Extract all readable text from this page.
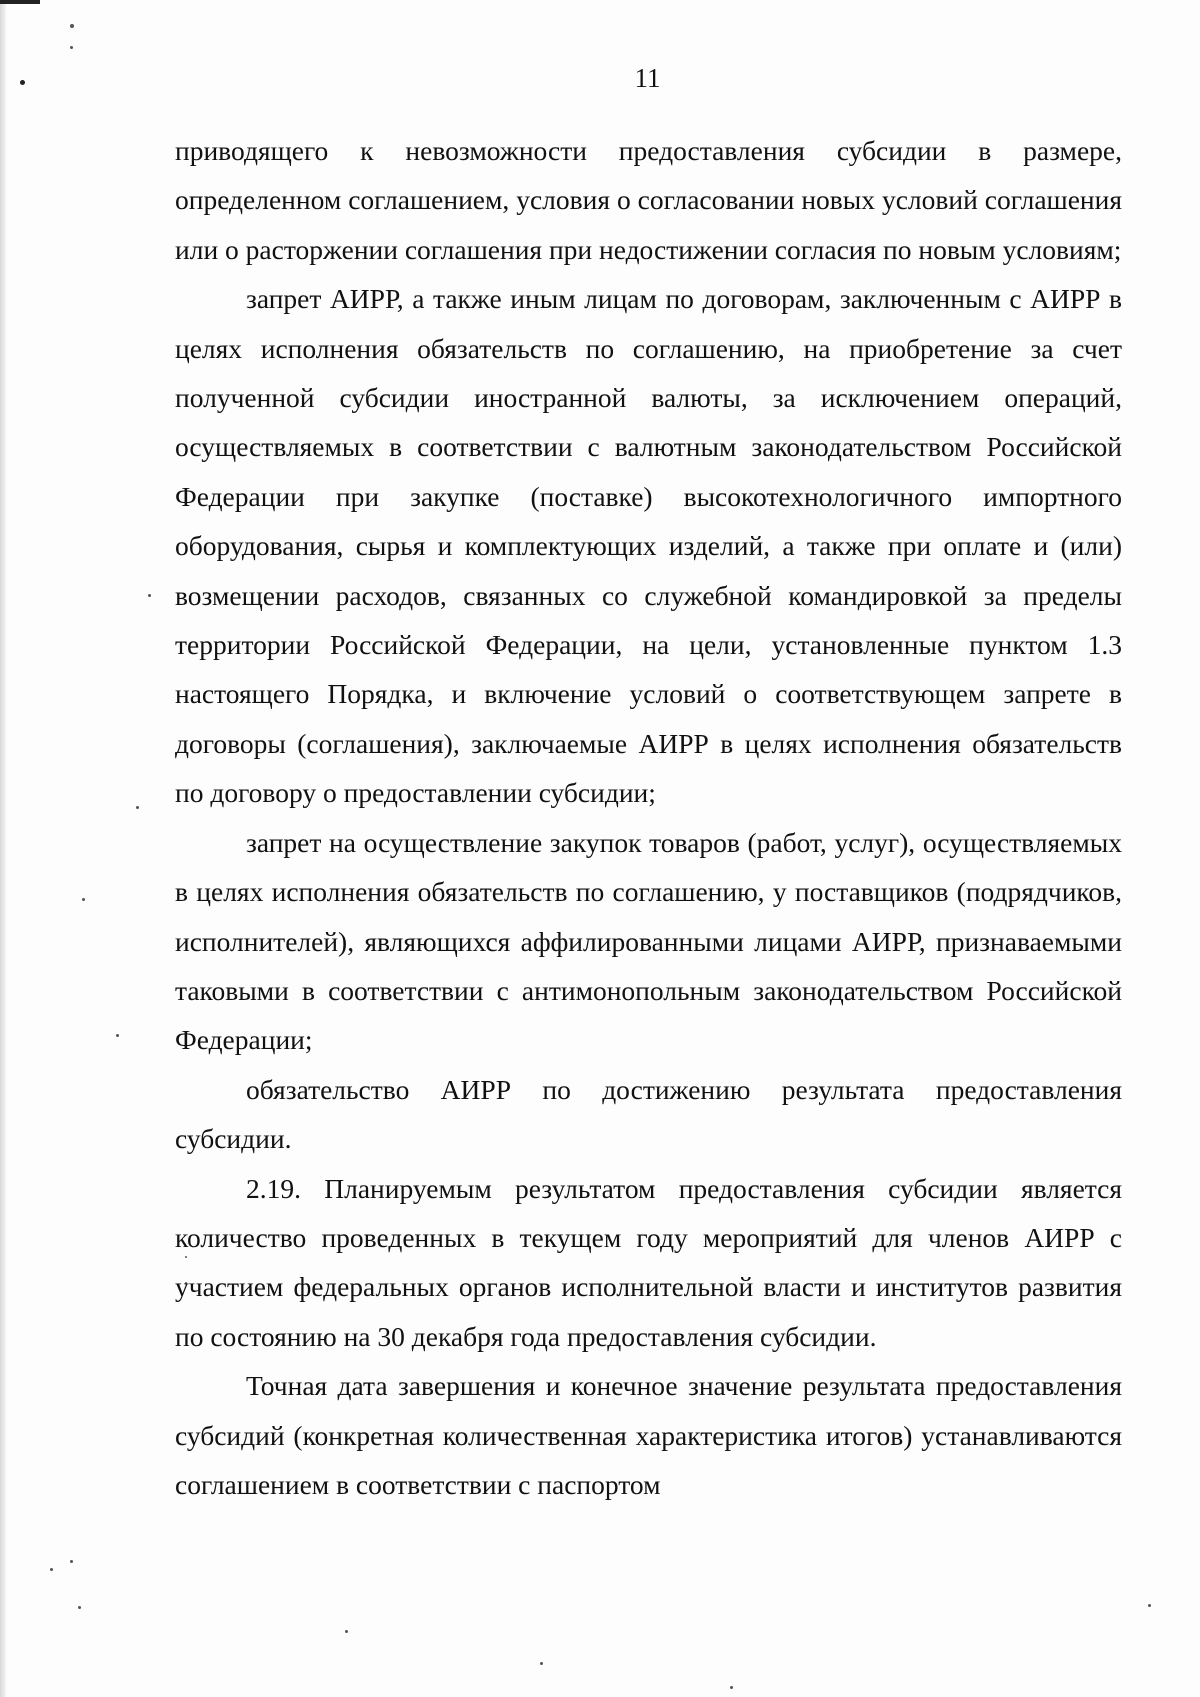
11

приводящего к невозможности предоставления субсидии в размере, определенном соглашением, условия о согласовании новых условий соглашения или о расторжении соглашения при недостижении согласия по новым условиям;

запрет АИРР, а также иным лицам по договорам, заключенным с АИРР в целях исполнения обязательств по соглашению, на приобретение за счет полученной субсидии иностранной валюты, за исключением операций, осуществляемых в соответствии с валютным законодательством Российской Федерации при закупке (поставке) высокотехнологичного импортного оборудования, сырья и комплектующих изделий, а также при оплате и (или) возмещении расходов, связанных со служебной командировкой за пределы территории Российской Федерации, на цели, установленные пунктом 1.3 настоящего Порядка, и включение условий о соответствующем запрете в договоры (соглашения), заключаемые АИРР в целях исполнения обязательств по договору о предоставлении субсидии;

запрет на осуществление закупок товаров (работ, услуг), осуществляемых в целях исполнения обязательств по соглашению, у поставщиков (подрядчиков, исполнителей), являющихся аффилированными лицами АИРР, признаваемыми таковыми в соответствии с антимонопольным законодательством Российской Федерации;

обязательство АИРР по достижению результата предоставления субсидии.

2.19. Планируемым результатом предоставления субсидии является количество проведенных в текущем году мероприятий для членов АИРР с участием федеральных органов исполнительной власти и институтов развития по состоянию на 30 декабря года предоставления субсидии.

Точная дата завершения и конечное значение результата предоставления субсидий (конкретная количественная характеристика итогов) устанавливаются соглашением в соответствии с паспортом
